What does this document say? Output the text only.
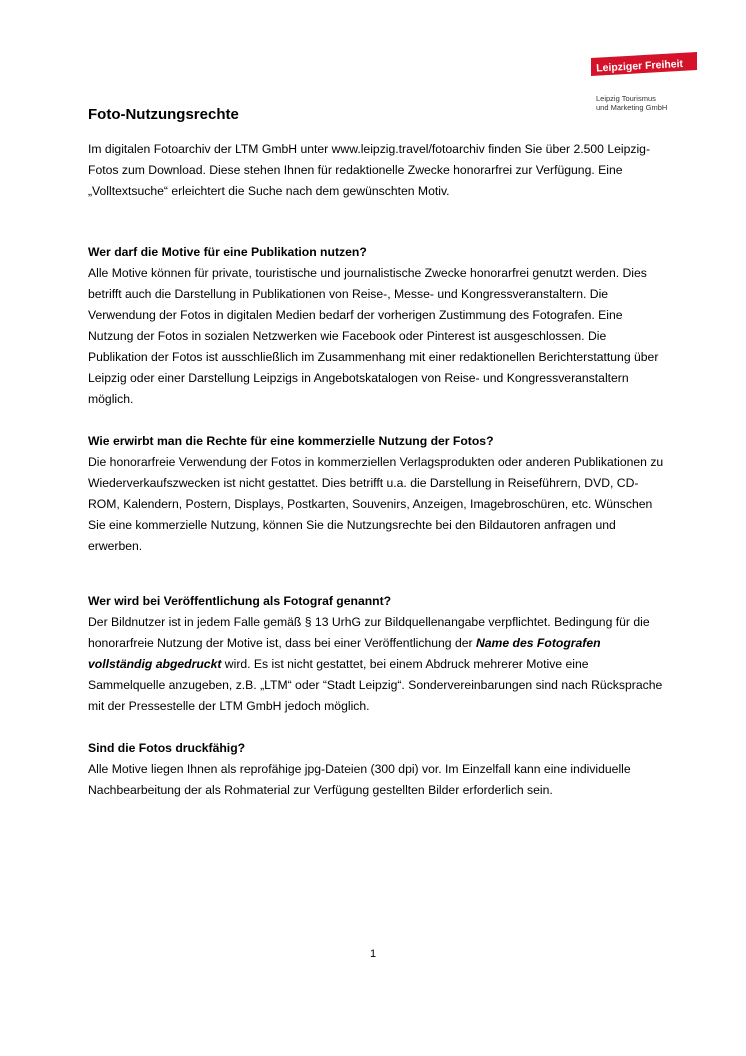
Leipziger Freiheit
Leipzig Tourismus
und Marketing GmbH
Foto-Nutzungsrechte

Im digitalen Fotoarchiv der LTM GmbH unter www.leipzig.travel/fotoarchiv finden Sie über 2.500 Leipzig-Fotos zum Download. Diese stehen Ihnen für redaktionelle Zwecke honorarfrei zur Verfügung. Eine „Volltextsuche“ erleichtert die Suche nach dem gewünschten Motiv.

Wer darf die Motive für eine Publikation nutzen?

Alle Motive können für private, touristische und journalistische Zwecke honorarfrei genutzt werden. Dies betrifft auch die Darstellung in Publikationen von Reise-, Messe- und Kongressveranstaltern. Die Verwendung der Fotos in digitalen Medien bedarf der vorherigen Zustimmung des Fotografen. Eine Nutzung der Fotos in sozialen Netzwerken wie Facebook oder Pinterest ist ausgeschlossen. Die Publikation der Fotos ist ausschließlich im Zusammenhang mit einer redaktionellen Berichterstattung über Leipzig oder einer Darstellung Leipzigs in Angebotskatalogen von Reise- und Kongressveranstaltern möglich.

Wie erwirbt man die Rechte für eine kommerzielle Nutzung der Fotos?

Die honorarfreie Verwendung der Fotos in kommerziellen Verlagsprodukten oder anderen Publikationen zu Wiederverkaufszwecken ist nicht gestattet. Dies betrifft u.a. die Darstellung in Reiseführern, DVD, CD-ROM, Kalendern, Postern, Displays, Postkarten, Souvenirs, Anzeigen, Imagebroschüren, etc. Wünschen Sie eine kommerzielle Nutzung, können Sie die Nutzungsrechte bei den Bildautoren anfragen und erwerben.

Wer wird bei Veröffentlichung als Fotograf genannt?

Der Bildnutzer ist in jedem Falle gemäß § 13 UrhG zur Bildquellenangabe verpflichtet. Bedingung für die honorarfreie Nutzung der Motive ist, dass bei einer Veröffentlichung der Name des Fotografen vollständig abgedruckt wird. Es ist nicht gestattet, bei einem Abdruck mehrerer Motive eine Sammelquelle anzugeben, z.B. „LTM“ oder “Stadt Leipzig“. Sondervereinbarungen sind nach Rücksprache mit der Pressestelle der LTM GmbH jedoch möglich.

Sind die Fotos druckfähig?

Alle Motive liegen Ihnen als reprofähige jpg-Dateien (300 dpi) vor. Im Einzelfall kann eine individuelle Nachbearbeitung der als Rohmaterial zur Verfügung gestellten Bilder erforderlich sein.

1
